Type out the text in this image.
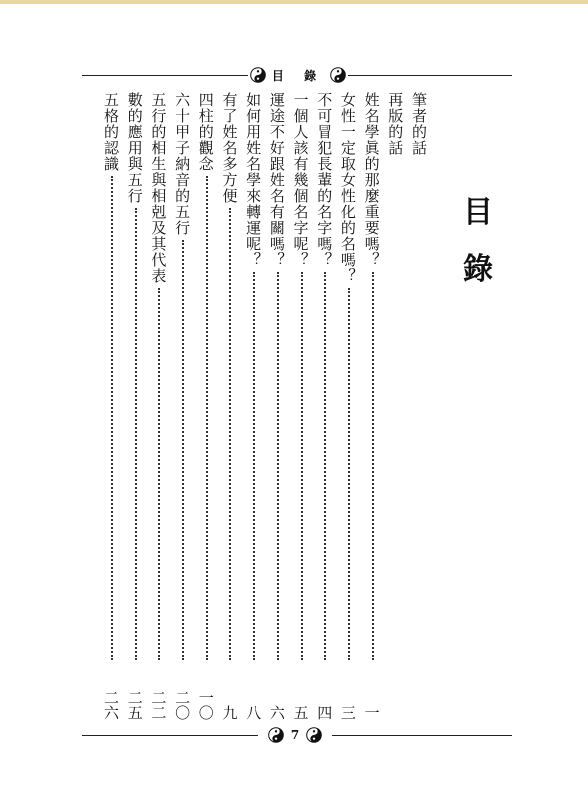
目 錄
目
錄
筆者的話
再版的話
姓名學眞的那麼重要嗎？
一
女性一定取女性化的名嗎？
三
不可冒犯長輩的名字嗎？
四
一個人該有幾個名字呢？
五
運途不好跟姓名有關嗎？
六
如何用姓名學來轉運呢？
八
有了姓名多方便
九
四柱的觀念
一〇
六十甲子納音的五行
二〇
五行的相生與相剋及其代表
二二
數的應用與五行
二五
五格的認識
二六
7
